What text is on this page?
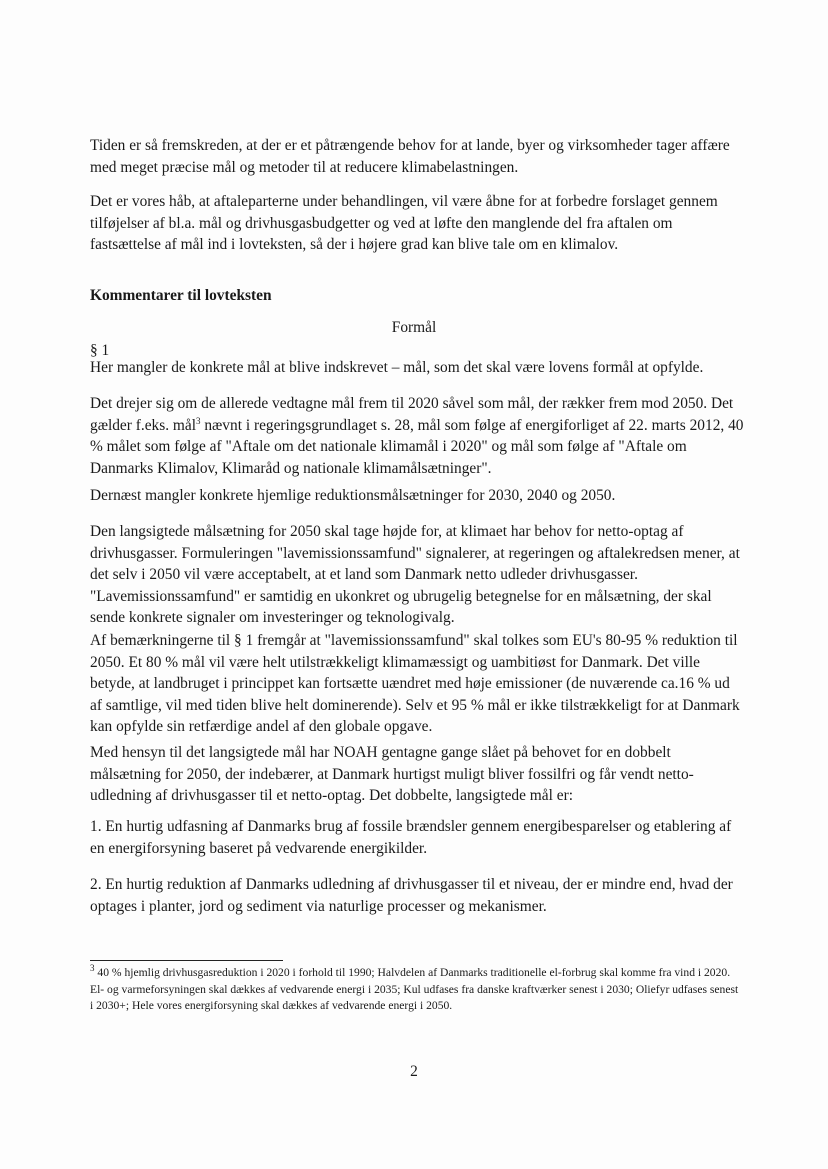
Tiden er så fremskreden, at der er et påtrængende behov for at lande, byer og virksomheder tager affære med meget præcise mål og metoder til at reducere klimabelastningen.

Det er vores håb, at aftaleparterne under behandlingen, vil være åbne for at forbedre forslaget gennem tilføjelser af bl.a. mål og drivhusgasbudgetter og ved at løfte den manglende del fra aftalen om fastsættelse af mål ind i lovteksten, så der i højere grad kan blive tale om en klimalov.

Kommentarer til lovteksten

Formål

§ 1

Her mangler de konkrete mål at blive indskrevet – mål, som det skal være lovens formål at opfylde.

Det drejer sig om de allerede vedtagne mål frem til 2020 såvel som mål, der rækker frem mod 2050. Det gælder f.eks. mål$^3$ nævnt i regeringsgrundlaget s. 28, mål som følge af energiforliget af 22. marts 2012, 40 % målet som følge af "Aftale om det nationale klimamål i 2020" og mål som følge af "Aftale om Danmarks Klimalov, Klimaråd og nationale klimamålsætninger".

Dernæst mangler konkrete hjemlige reduktionsmålsætninger for 2030, 2040 og 2050.

Den langsigtede målsætning for 2050 skal tage højde for, at klimaet har behov for netto-optag af drivhusgasser. Formuleringen "lavemissionssamfund" signalerer, at regeringen og aftalekredsen mener, at det selv i 2050 vil være acceptabelt, at et land som Danmark netto udleder drivhusgasser. "Lavemissionssamfund" er samtidig en ukonkret og ubrugelig betegnelse for en målsætning, der skal sende konkrete signaler om investeringer og teknologivalg.

Af bemærkningerne til § 1 fremgår at "lavemissionssamfund" skal tolkes som EU's 80-95 % reduktion til 2050. Et 80 % mål vil være helt utilstrækkeligt klimamæssigt og uambitiøst for Danmark. Det ville betyde, at landbruget i princippet kan fortsætte uændret med høje emissioner (de nuværende ca.16 % ud af samtlige, vil med tiden blive helt dominerende). Selv et 95 % mål er ikke tilstrækkeligt for at Danmark kan opfylde sin retfærdige andel af den globale opgave.

Med hensyn til det langsigtede mål har NOAH gentagne gange slået på behovet for en dobbelt målsætning for 2050, der indebærer, at Danmark hurtigst muligt bliver fossilfri og får vendt netto-udledning af drivhusgasser til et netto-optag. Det dobbelte, langsigtede mål er:

1. En hurtig udfasning af Danmarks brug af fossile brændsler gennem energibesparelser og etablering af en energiforsyning baseret på vedvarende energikilder.

2. En hurtig reduktion af Danmarks udledning af drivhusgasser til et niveau, der er mindre end, hvad der optages i planter, jord og sediment via naturlige processer og mekanismer.

$^3$ 40 % hjemlig drivhusgasreduktion i 2020 i forhold til 1990; Halvdelen af Danmarks traditionelle el-forbrug skal komme fra vind i 2020. El- og varmeforsyningen skal dækkes af vedvarende energi i 2035; Kul udfases fra danske kraftværker senest i 2030; Oliefyr udfases senest i 2030+; Hele vores energiforsyning skal dækkes af vedvarende energi i 2050.

2
